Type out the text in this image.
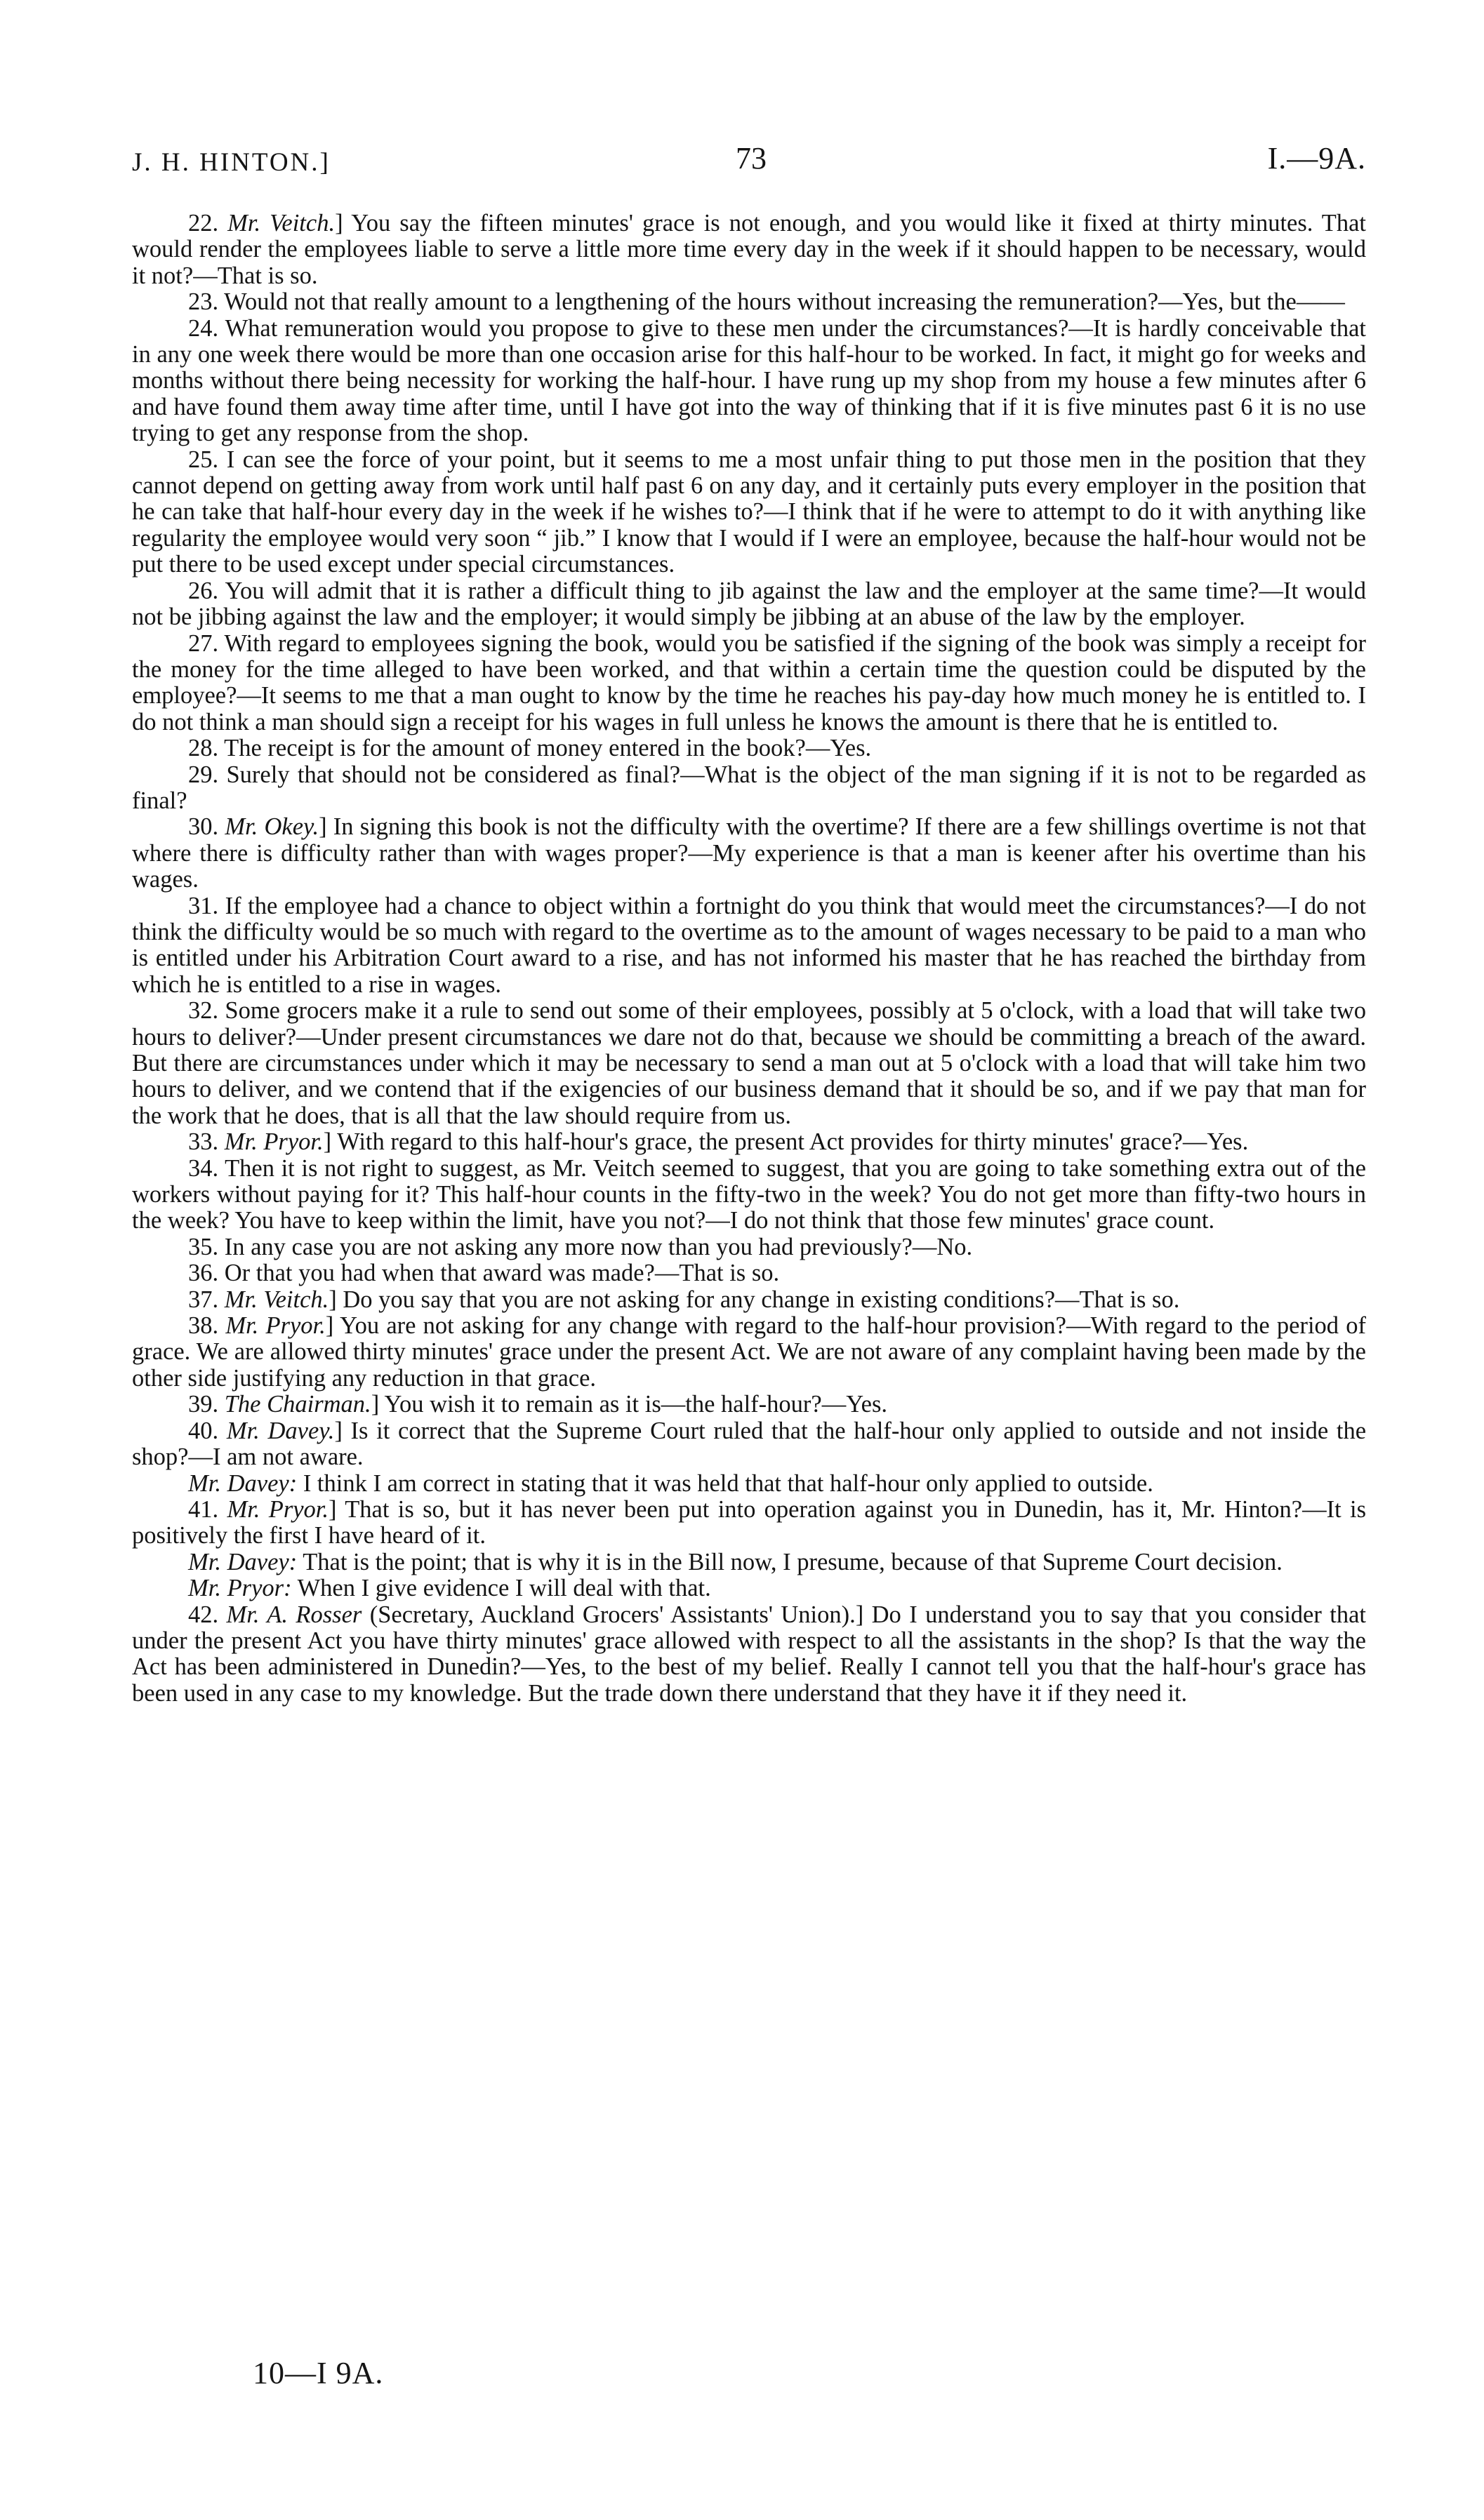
J. H. HINTON.]	73	I.—9A.

22. Mr. Veitch.] You say the fifteen minutes' grace is not enough, and you would like it fixed at thirty minutes. That would render the employees liable to serve a little more time every day in the week if it should happen to be necessary, would it not?—That is so.

23. Would not that really amount to a lengthening of the hours without increasing the remuneration?—Yes, but the——

24. What remuneration would you propose to give to these men under the circumstances?—It is hardly conceivable that in any one week there would be more than one occasion arise for this half-hour to be worked. In fact, it might go for weeks and months without there being necessity for working the half-hour. I have rung up my shop from my house a few minutes after 6 and have found them away time after time, until I have got into the way of thinking that if it is five minutes past 6 it is no use trying to get any response from the shop.

25. I can see the force of your point, but it seems to me a most unfair thing to put those men in the position that they cannot depend on getting away from work until half past 6 on any day, and it certainly puts every employer in the position that he can take that half-hour every day in the week if he wishes to?—I think that if he were to attempt to do it with anything like regularity the employee would very soon “ jib.” I know that I would if I were an employee, because the half-hour would not be put there to be used except under special circumstances.

26. You will admit that it is rather a difficult thing to jib against the law and the employer at the same time?—It would not be jibbing against the law and the employer; it would simply be jibbing at an abuse of the law by the employer.

27. With regard to employees signing the book, would you be satisfied if the signing of the book was simply a receipt for the money for the time alleged to have been worked, and that within a certain time the question could be disputed by the employee?—It seems to me that a man ought to know by the time he reaches his pay-day how much money he is entitled to. I do not think a man should sign a receipt for his wages in full unless he knows the amount is there that he is entitled to.

28. The receipt is for the amount of money entered in the book?—Yes.

29. Surely that should not be considered as final?—What is the object of the man signing if it is not to be regarded as final?

30. Mr. Okey.] In signing this book is not the difficulty with the overtime? If there are a few shillings overtime is not that where there is difficulty rather than with wages proper?—My experience is that a man is keener after his overtime than his wages.

31. If the employee had a chance to object within a fortnight do you think that would meet the circumstances?—I do not think the difficulty would be so much with regard to the overtime as to the amount of wages necessary to be paid to a man who is entitled under his Arbitration Court award to a rise, and has not informed his master that he has reached the birthday from which he is entitled to a rise in wages.

32. Some grocers make it a rule to send out some of their employees, possibly at 5 o'clock, with a load that will take two hours to deliver?—Under present circumstances we dare not do that, because we should be committing a breach of the award. But there are circumstances under which it may be necessary to send a man out at 5 o'clock with a load that will take him two hours to deliver, and we contend that if the exigencies of our business demand that it should be so, and if we pay that man for the work that he does, that is all that the law should require from us.

33. Mr. Pryor.] With regard to this half-hour's grace, the present Act provides for thirty minutes' grace?—Yes.

34. Then it is not right to suggest, as Mr. Veitch seemed to suggest, that you are going to take something extra out of the workers without paying for it? This half-hour counts in the fifty-two in the week? You do not get more than fifty-two hours in the week? You have to keep within the limit, have you not?—I do not think that those few minutes' grace count.

35. In any case you are not asking any more now than you had previously?—No.

36. Or that you had when that award was made?—That is so.

37. Mr. Veitch.] Do you say that you are not asking for any change in existing conditions?—That is so.

38. Mr. Pryor.] You are not asking for any change with regard to the half-hour provision?—With regard to the period of grace. We are allowed thirty minutes' grace under the present Act. We are not aware of any complaint having been made by the other side justifying any reduction in that grace.

39. The Chairman.] You wish it to remain as it is—the half-hour?—Yes.

40. Mr. Davey.] Is it correct that the Supreme Court ruled that the half-hour only applied to outside and not inside the shop?—I am not aware.

Mr. Davey: I think I am correct in stating that it was held that that half-hour only applied to outside.

41. Mr. Pryor.] That is so, but it has never been put into operation against you in Dunedin, has it, Mr. Hinton?—It is positively the first I have heard of it.

Mr. Davey: That is the point; that is why it is in the Bill now, I presume, because of that Supreme Court decision.

Mr. Pryor: When I give evidence I will deal with that.

42. Mr. A. Rosser (Secretary, Auckland Grocers' Assistants' Union).] Do I understand you to say that you consider that under the present Act you have thirty minutes' grace allowed with respect to all the assistants in the shop? Is that the way the Act has been administered in Dunedin?—Yes, to the best of my belief. Really I cannot tell you that the half-hour's grace has been used in any case to my knowledge. But the trade down there understand that they have it if they need it.

10—I 9A.
